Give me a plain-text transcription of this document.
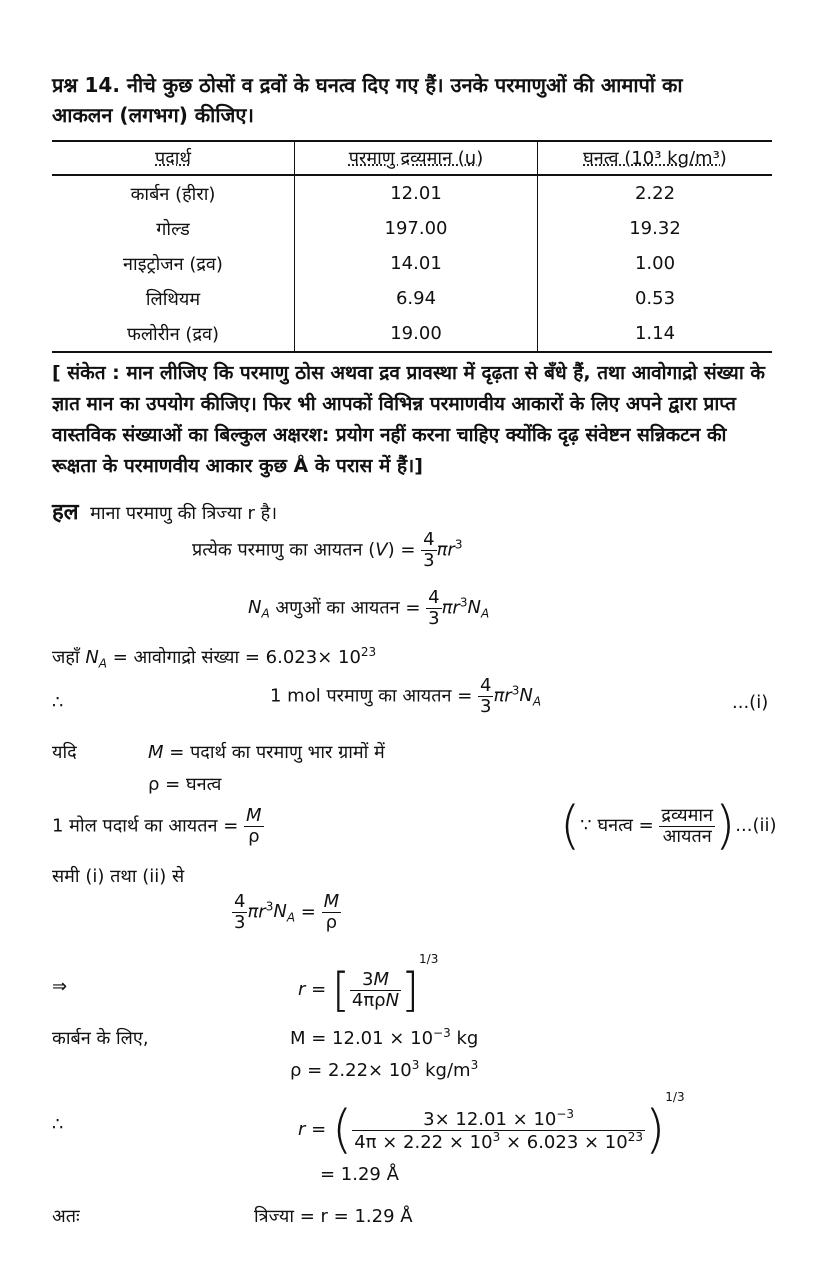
प्रश्न 14. नीचे कुछ ठोसों व द्रवों के घनत्व दिए गए हैं। उनके परमाणुओं की आमापों का
आकलन (लगभग) कीजिए।
पदार्थ	परमाणु द्रव्यमान (u)	घनत्व (10³ kg/m³)
कार्बन (हीरा)	12.01	2.22
गोल्ड	197.00	19.32
नाइट्रोजन (द्रव)	14.01	1.00
लिथियम	6.94	0.53
फलोरीन (द्रव)	19.00	1.14
[ संकेत : मान लीजिए कि परमाणु ठोस अथवा द्रव प्रावस्था में दृढ़ता से बँधे हैं, तथा आवोगाद्रो संख्या के ज्ञात मान का उपयोग कीजिए। फिर भी आपकों विभिन्न परमाणवीय आकारों के लिए अपने द्वारा प्राप्त वास्तविक संख्याओं का बिल्कुल अक्षरश: प्रयोग नहीं करना चाहिए क्योंकि दृढ़ संवेष्टन सन्निकटन की रूक्षता के परमाणवीय आकार कुछ Å के परास में हैं।]
हल माना परमाणु की त्रिज्या r है।
प्रत्येक परमाणु का आयतन $(V) = \frac{4}{3} \pi r^3$
$N_A$ अणुओं का आयतन = $\frac{4}{3} \pi r^3N_A$
जहाँ $N_A$ = आवोगाद्रो संख्या = $6.023\times 10^{23}$
∴	1 mol परमाणु का आयतन = $\frac{4}{3} \pi r^3N_A$	...(i)
यदि	M = पदार्थ का परमाणु भार ग्रामों में
ρ = घनत्व
1 मोल पदार्थ का आयतन = $\frac{M}{\rho}$	(∵ घनत्व = $\frac{\text{द्रव्यमान}}{\text{आयतन}} )...(ii)$
समी (i) तथा (ii) से
$\frac{4}{3} \pi r^3N_A = \frac{M}{\rho}$
⇒	r = [ $\frac{3M}{\text{4πρN}} ]^{1/3}$
कार्बन के लिए,	$M = 12.01 \times 10^{-3}$ kg
$\rho = 2.22\times 10^3$ $kg/m^3$
∴	r = ( $\frac{3\times 12.01 \times 10^{-3}}{4\pi \times 2.22 \times 10^3 \times 6.023 \times 10^{23}} )^{1/3}$
= 1.29 Å
अतः	त्रिज्या = r = 1.29 Å
